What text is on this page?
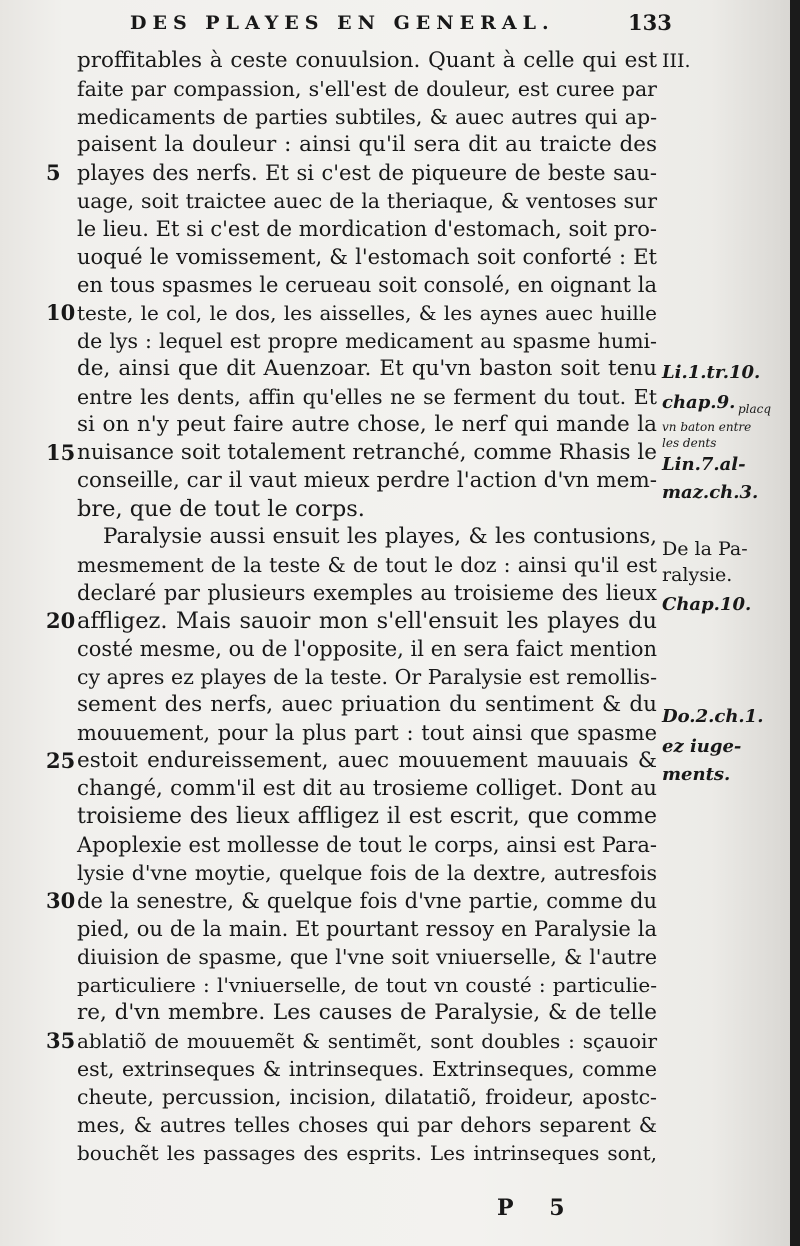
DES PLAYES EN GENERAL.	133
proffitables à ceste conuulsion. Quant à celle qui est
faite par compassion, s'ell'est de douleur, est curee par
medicaments de parties subtiles, & auec autres qui ap-
paisent la douleur : ainsi qu'il sera dit au traicte des
playes des nerfs. Et si c'est de piqueure de beste sau-
uage, soit traictee auec de la theriaque, & ventoses sur
le lieu. Et si c'est de mordication d'estomach, soit pro-
uoqué le vomissement, & l'estomach soit conforté : Et
en tous spasmes le cerueau soit consolé, en oignant la
teste, le col, le dos, les aisselles, & les aynes auec huille
de lys : lequel est propre medicament au spasme humi-
de, ainsi que dit Auenzoar. Et qu'vn baston soit tenu
entre les dents, affin qu'elles ne se ferment du tout. Et
si on n'y peut faire autre chose, le nerf qui mande la
nuisance soit totalement retranché, comme Rhasis le
conseille, car il vaut mieux perdre l'action d'vn mem-
bre, que de tout le corps.
Paralysie aussi ensuit les playes, & les contusions,
mesmement de la teste & de tout le doz : ainsi qu'il est
declaré par plusieurs exemples au troisieme des lieux
affligez. Mais sauoir mon s'ell'ensuit les playes du
costé mesme, ou de l'opposite, il en sera faict mention
cy apres ez playes de la teste. Or Paralysie est remollis-
sement des nerfs, auec priuation du sentiment & du
mouuement, pour la plus part : tout ainsi que spasme
estoit endureissement, auec mouuement mauuais &
changé, comm'il est dit au trosieme colliget. Dont au
troisieme des lieux affligez il est escrit, que comme
Apoplexie est mollesse de tout le corps, ainsi est Para-
lysie d'vne moytie, quelque fois de la dextre, autresfois
de la senestre, & quelque fois d'vne partie, comme du
pied, ou de la main. Et pourtant ressoy en Paralysie la
diuision de spasme, que l'vne soit vniuerselle, & l'autre
particuliere : l'vniuerselle, de tout vn cousté : particulie-
re, d'vn membre. Les causes de Paralysie, & de telle
ablatiõ de mouuemẽt & sentimẽt, sont doubles : sçauoir
est, extrinseques & intrinseques. Extrinseques, comme
cheute, percussion, incision, dilatatiõ, froideur, apostc-
mes, & autres telles choses qui par dehors separent &
bouchẽt les passages des esprits. Les intrinseques sont,
5
10
15
20
25
30
35
III.
Li.1.tr.10.
chap.9. placq
vn baton entre
les dents
Lin.7.al-
maz.ch.3.
De la Pa-
ralysie.
Chap.10.
Do.2.ch.1.
ez iuge-
ments.
P 5
